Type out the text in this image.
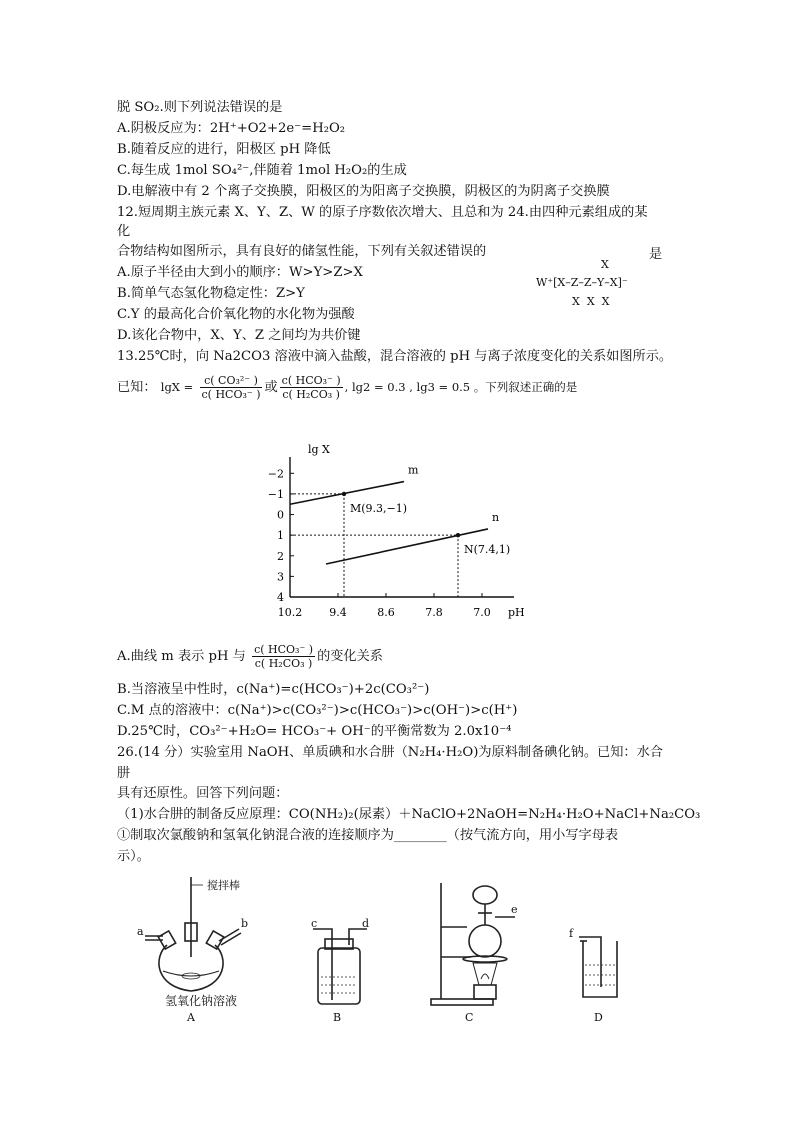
脱 SO₂.则下列说法错误的是
A.阴极反应为：2H⁺+O2+2e⁻=H₂O₂
B.随着反应的进行，阳极区 pH 降低
C.每生成 1mol SO₄²⁻,伴随着 1mol H₂O₂的生成
D.电解液中有 2 个离子交换膜，阳极区的为阳离子交换膜，阴极区的为阴离子交换膜
12.短周期主族元素 X、Y、Z、W 的原子序数依次增大、且总和为 24.由四种元素组成的某
化
合物结构如图所示，具有良好的储氢性能，下列有关叙述错误的	是
A.原子半径由大到小的顺序：W>Y>Z>X
B.简单气态氢化物稳定性：Z>Y
C.Y 的最高化合价氧化物的水化物为强酸
D.该化合物中，X、Y、Z 之间均为共价键
X
W⁺[X–Z–Z–Y–X]⁻
X  X  X
13.25℃时，向 Na2CO3 溶液中滴入盐酸，混合溶液的 pH 与离子浓度变化的关系如图所示。
已知： $\lg X = \frac{\text{c( CO₃²⁻ )}}{\text{c( HCO₃⁻ )}}$ 或 $\frac{\text{c( HCO₃⁻ )}}{\text{c( H₂CO₃ )}}$ , lg2 = 0.3 , lg3 = 0.5 。下列叙述正确的是
lg X
pH
−2
−1
0
1
2
3
4
10.2 9.4	8.6	7.8	7.0
m
n
M(9.3,−1)
N(7.4,1)
A.曲线 m 表示 pH 与 $\frac{\text{c( HCO₃⁻ )}}{\text{c( H₂CO₃ )}}$ 的变化关系
B.当溶液呈中性时，c(Na⁺)=c(HCO₃⁻)+2c(CO₃²⁻)
C.M 点的溶液中：c(Na⁺)>c(CO₃²⁻)>c(HCO₃⁻)>c(OH⁻)>c(H⁺)
D.25℃时，CO₃²⁻+H₂O= HCO₃⁻+ OH⁻的平衡常数为 2.0x10⁻⁴
26.(14 分）实验室用 NaOH、单质碘和水合肼（N₂H₄·H₂O)为原料制备碘化钠。已知：水合
肼
具有还原性。回答下列问题：
（1)水合肼的制备反应原理：CO(NH₂)₂(尿素）＋NaClO+2NaOH=N₂H₄·H₂O+NaCl+Na₂CO₃
①制取次氯酸钠和氢氧化钠混合液的连接顺序为________（按气流方向，用小写字母表
示）。
搅拌棒
氢氧化钠溶液
a
b	c	d
e
f
A	B	C	D
